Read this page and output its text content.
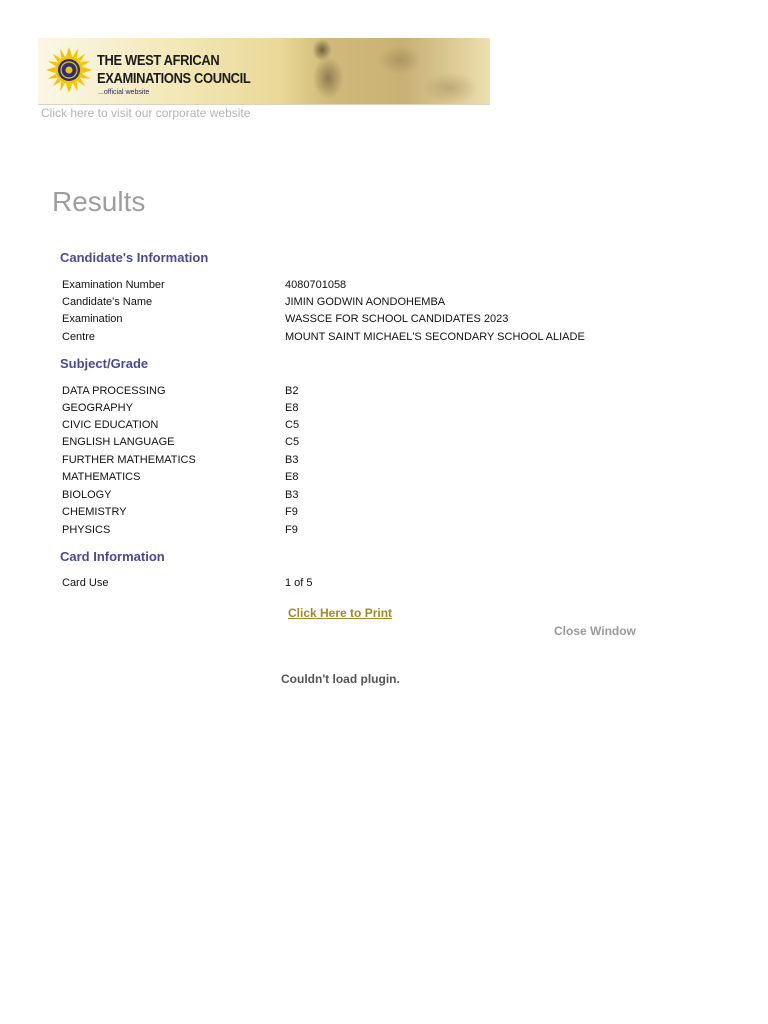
THE WEST AFRICAN
EXAMINATIONS COUNCIL
...official website
Click here to visit our corporate website
Results
Candidate's Information
Examination Number	4080701058
Candidate's Name	JIMIN GODWIN AONDOHEMBA
Examination	WASSCE FOR SCHOOL CANDIDATES 2023
Centre	MOUNT SAINT MICHAEL'S SECONDARY SCHOOL ALIADE
Subject/Grade
DATA PROCESSING	B2
GEOGRAPHY	E8
CIVIC EDUCATION	C5
ENGLISH LANGUAGE	C5
FURTHER MATHEMATICS	B3
MATHEMATICS	E8
BIOLOGY	B3
CHEMISTRY	F9
PHYSICS	F9
Card Information
Card Use	1 of 5
Click Here to Print
Close Window
Couldn't load plugin.
